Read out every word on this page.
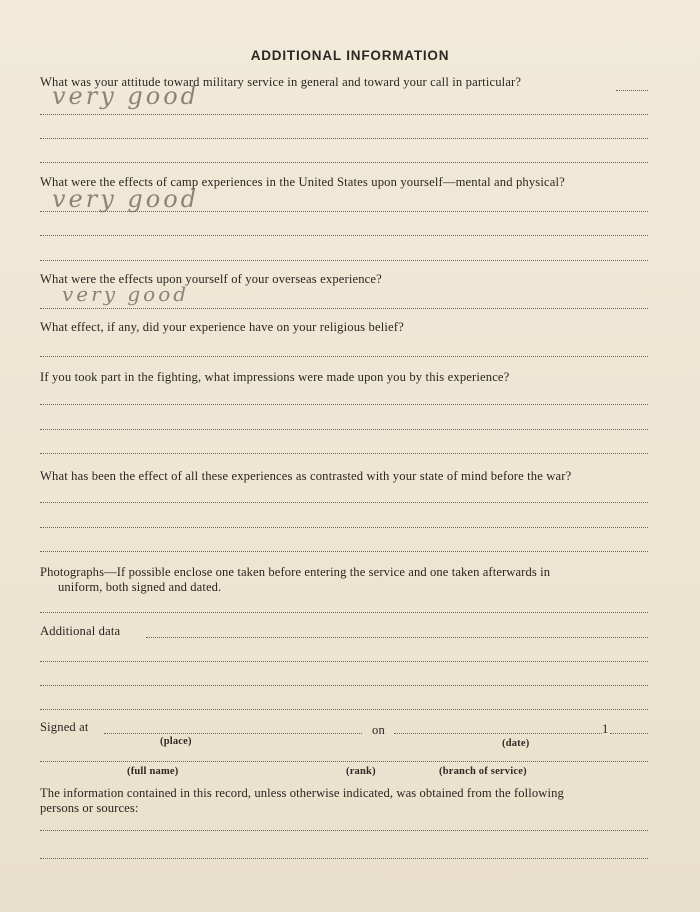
ADDITIONAL INFORMATION
What was your attitude toward military service in general and toward your call in particular?
very good
What were the effects of camp experiences in the United States upon yourself—mental and physical?
very good
What were the effects upon yourself of your overseas experience?
very good
What effect, if any, did your experience have on your religious belief?
If you took part in the fighting, what impressions were made upon you by this experience?
What has been the effect of all these experiences as contrasted with your state of mind before the war?
Photographs—If possible enclose one taken before entering the service and one taken afterwards in
uniform, both signed and dated.
Additional data
Signed at	on	1
(place)	(date)
(full name)	(rank)	(branch of service)
The information contained in this record, unless otherwise indicated, was obtained from the following
persons or sources:
